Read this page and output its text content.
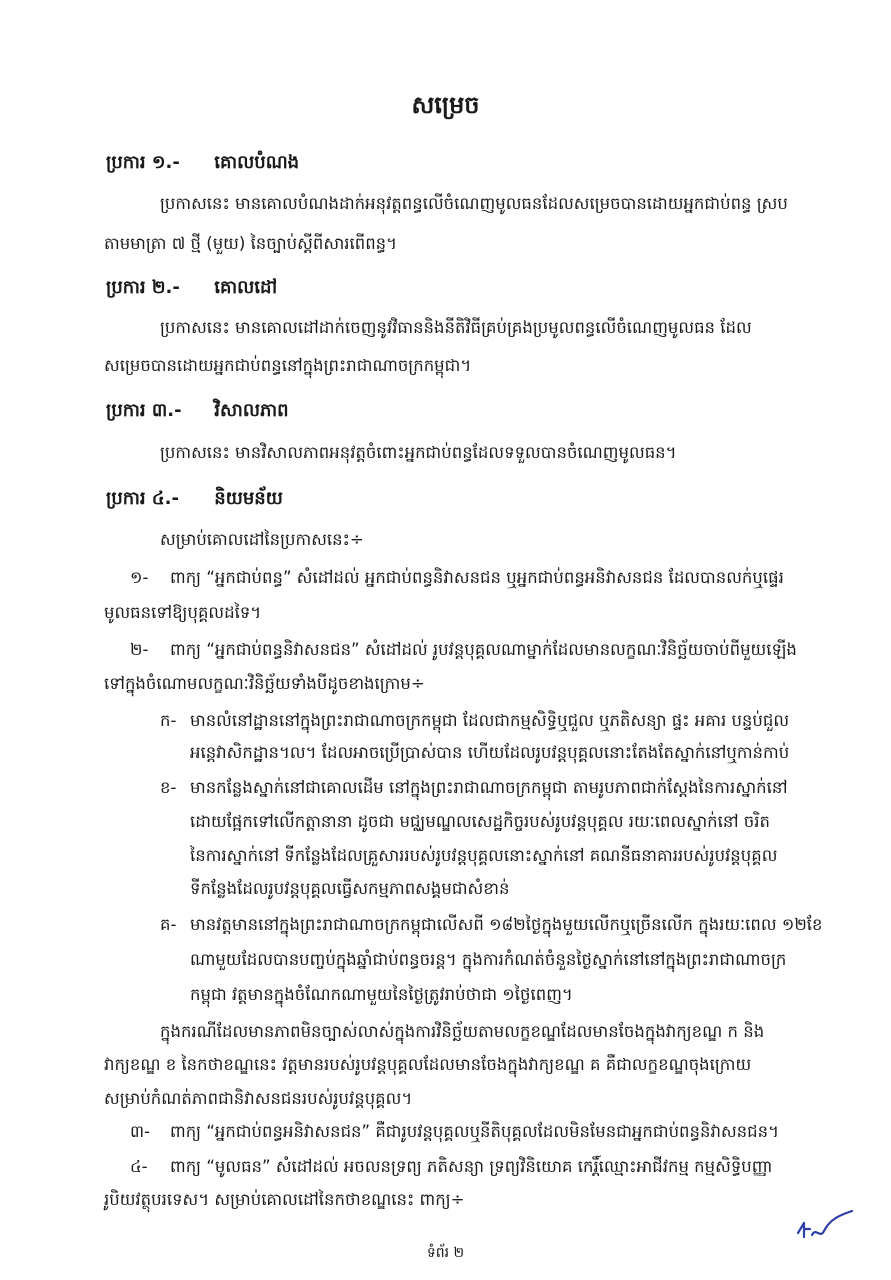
សម្រេច
ប្រការ ១.- គោលបំណង
ប្រកាសនេះ មានគោលបំណងដាក់អនុវត្តពន្ធលើចំណេញមូលធនដែលសម្រេចបានដោយអ្នកជាប់ពន្ធ ស្រប
តាមមាត្រា ៧ ថ្មី (មួយ) នៃច្បាប់ស្តីពីសារពើពន្ធ។
ប្រការ ២.- គោលដៅ
ប្រកាសនេះ មានគោលដៅដាក់ចេញនូវវិធាននិងនីតិវិធីគ្រប់គ្រងប្រមូលពន្ធលើចំណេញមូលធន ដែល
សម្រេចបានដោយអ្នកជាប់ពន្ធនៅក្នុងព្រះរាជាណាចក្រកម្ពុជា។
ប្រការ ៣.- វិសាលភាព
ប្រកាសនេះ មានវិសាលភាពអនុវត្តចំពោះអ្នកជាប់ពន្ធដែលទទួលបានចំណេញមូលធន។
ប្រការ ៤.- និយមន័យ
សម្រាប់គោលដៅនៃប្រកាសនេះ÷
១- ពាក្យ “អ្នកជាប់ពន្ធ” សំដៅដល់ អ្នកជាប់ពន្ធនិវាសនជន ឬអ្នកជាប់ពន្ធអនិវាសនជន ដែលបានលក់ឬផ្ទេរ
មូលធនទៅឱ្យបុគ្គលដទៃ។
២- ពាក្យ “អ្នកជាប់ពន្ធនិវាសនជន” សំដៅដល់ រូបវន្តបុគ្គលណាម្នាក់ដែលមានលក្ខណៈវិនិច្ឆ័យចាប់ពីមួយឡើង
ទៅក្នុងចំណោមលក្ខណៈវិនិច្ឆ័យទាំងបីដូចខាងក្រោម÷
ក- មានលំនៅដ្ឋាននៅក្នុងព្រះរាជាណាចក្រកម្ពុជា ដែលជាកម្មសិទ្ធិឬជួល ឬភតិសន្យា ផ្ទះ អគារ បន្ទប់ជួល
អន្តេវាសិកដ្ឋាន។ល។ ដែលអាចប្រើប្រាស់បាន ហើយដែលរូបវន្តបុគ្គលនោះតែងតែស្នាក់នៅឬកាន់កាប់
ខ- មានកន្លែងស្នាក់នៅជាគោលដើម នៅក្នុងព្រះរាជាណាចក្រកម្ពុជា តាមរូបភាពជាក់ស្តែងនៃការស្នាក់នៅ
ដោយផ្អែកទៅលើកត្តានានា ដូចជា មជ្ឈមណ្ឌលសេដ្ឋកិច្ចរបស់រូបវន្តបុគ្គល រយៈពេលស្នាក់នៅ ចរិត
នៃការស្នាក់នៅ ទីកន្លែងដែលគ្រួសាររបស់រូបវន្តបុគ្គលនោះស្នាក់នៅ គណនីធនាគាររបស់រូបវន្តបុគ្គល
ទីកន្លែងដែលរូបវន្តបុគ្គលធ្វើសកម្មភាពសង្គមជាសំខាន់
គ- មានវត្តមាននៅក្នុងព្រះរាជាណាចក្រកម្ពុជាលើសពី ១៨២ថ្ងៃក្នុងមួយលើកឬច្រើនលើក ក្នុងរយៈពេល ១២ខែ
ណាមួយដែលបានបញ្ចប់ក្នុងឆ្នាំជាប់ពន្ធចរន្ត។ ក្នុងការកំណត់ចំនួនថ្ងៃស្នាក់នៅនៅក្នុងព្រះរាជាណាចក្រ
កម្ពុជា វត្តមានក្នុងចំណែកណាមួយនៃថ្ងៃត្រូវរាប់ថាជា ១ថ្ងៃពេញ។
ក្នុងករណីដែលមានភាពមិនច្បាស់លាស់ក្នុងការវិនិច្ឆ័យតាមលក្ខខណ្ឌដែលមានចែងក្នុងវាក្យខណ្ឌ ក និង
វាក្យខណ្ឌ ខ នៃកថាខណ្ឌនេះ វត្តមានរបស់រូបវន្តបុគ្គលដែលមានចែងក្នុងវាក្យខណ្ឌ គ គឺជាលក្ខខណ្ឌចុងក្រោយ
សម្រាប់កំណត់ភាពជានិវាសនជនរបស់រូបវន្តបុគ្គល។
៣- ពាក្យ “អ្នកជាប់ពន្ធអនិវាសនជន” គឺជារូបវន្តបុគ្គលឬនីតិបុគ្គលដែលមិនមែនជាអ្នកជាប់ពន្ធនិវាសនជន។
៤- ពាក្យ “មូលធន” សំដៅដល់ អចលនទ្រព្យ ភតិសន្យា ទ្រព្យវិនិយោគ កេរ្តិ៍ឈ្មោះអាជីវកម្ម កម្មសិទ្ធិបញ្ញា
រូបិយវត្ថុបរទេស។ សម្រាប់គោលដៅនៃកថាខណ្ឌនេះ ពាក្យ÷
ទំព័រ ២
